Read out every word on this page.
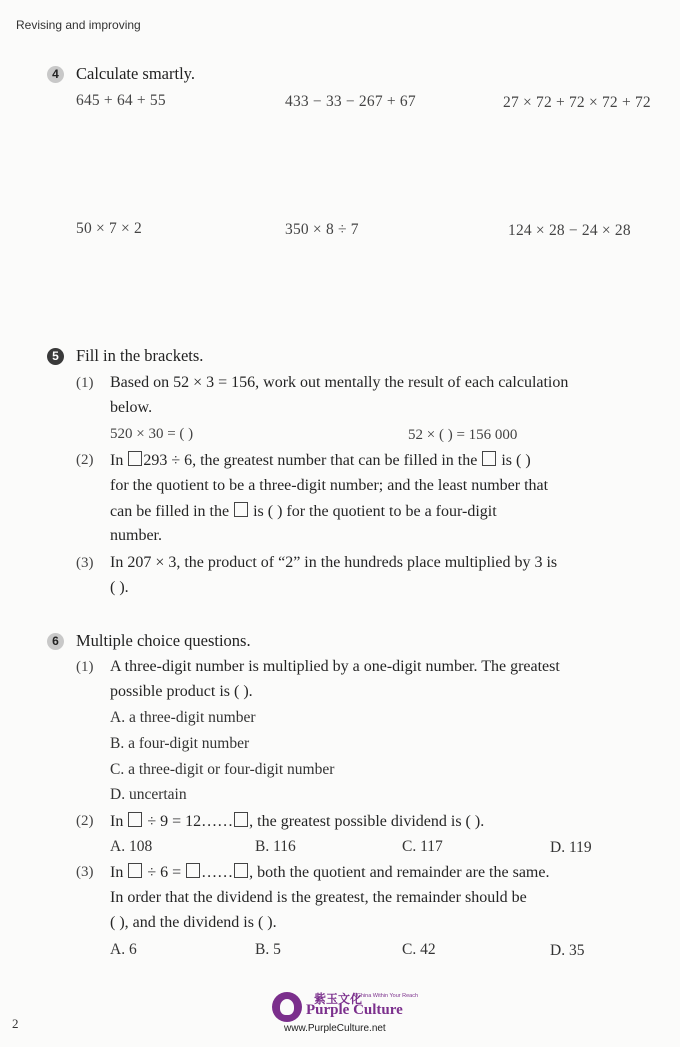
Revising and improving
4	Calculate smartly.
645 + 64 + 55	433 − 33 − 267 + 67	27 × 72 + 72 × 72 + 72
50 × 7 × 2	350 × 8 ÷ 7	124 × 28 − 24 × 28
5	Fill in the brackets.
(1) Based on 52 × 3 = 156, work out mentally the result of each calculation
below.
520 × 30 = ( )	52 × ( ) = 156 000
(2) In 293 ÷ 6, the greatest number that can be filled in the  is ( )
for the quotient to be a three-digit number; and the least number that
can be filled in the  is ( ) for the quotient to be a four-digit
number.
(3) In 207 × 3, the product of “2” in the hundreds place multiplied by 3 is
( ).
6	Multiple choice questions.
(1) A three-digit number is multiplied by a one-digit number. The greatest
possible product is ( ).
A. a three-digit number
B. a four-digit number
C. a three-digit or four-digit number
D. uncertain
(2) In  ÷ 9 = 12…… , the greatest possible dividend is ( ).
A. 108	B. 116	C. 117	D. 119
(3) In  ÷ 6 = …… , both the quotient and remainder are the same.
In order that the dividend is the greatest, the remainder should be
( ), and the dividend is ( ).
A. 6	B. 5	C. 42	D. 35
2
紫玉文化
A China Within Your Reach
Purple Culture
www.PurpleCulture.net
